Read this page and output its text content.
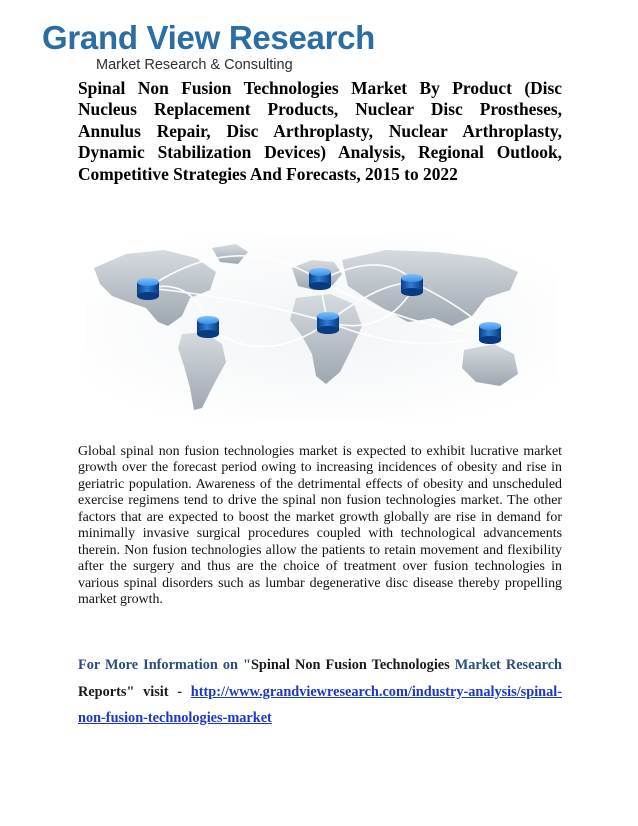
Grand View Research
Market Research & Consulting
Spinal Non Fusion Technologies Market By Product (Disc Nucleus Replacement Products, Nuclear Disc Prostheses, Annulus Repair, Disc Arthroplasty, Nuclear Arthroplasty, Dynamic Stabilization Devices) Analysis, Regional Outlook, Competitive Strategies And Forecasts, 2015 to 2022
Global spinal non fusion technologies market is expected to exhibit lucrative market growth over the forecast period owing to increasing incidences of obesity and rise in geriatric population. Awareness of the detrimental effects of obesity and unscheduled exercise regimens tend to drive the spinal non fusion technologies market. The other factors that are expected to boost the market growth globally are rise in demand for minimally invasive surgical procedures coupled with technological advancements therein. Non fusion technologies allow the patients to retain movement and flexibility after the surgery and thus are the choice of treatment over fusion technologies in various spinal disorders such as lumbar degenerative disc disease thereby propelling market growth.
For More Information on "Spinal Non Fusion Technologies Market Research Reports" visit - http://www.grandviewresearch.com/industry-analysis/spinal-non-fusion-technologies-market
